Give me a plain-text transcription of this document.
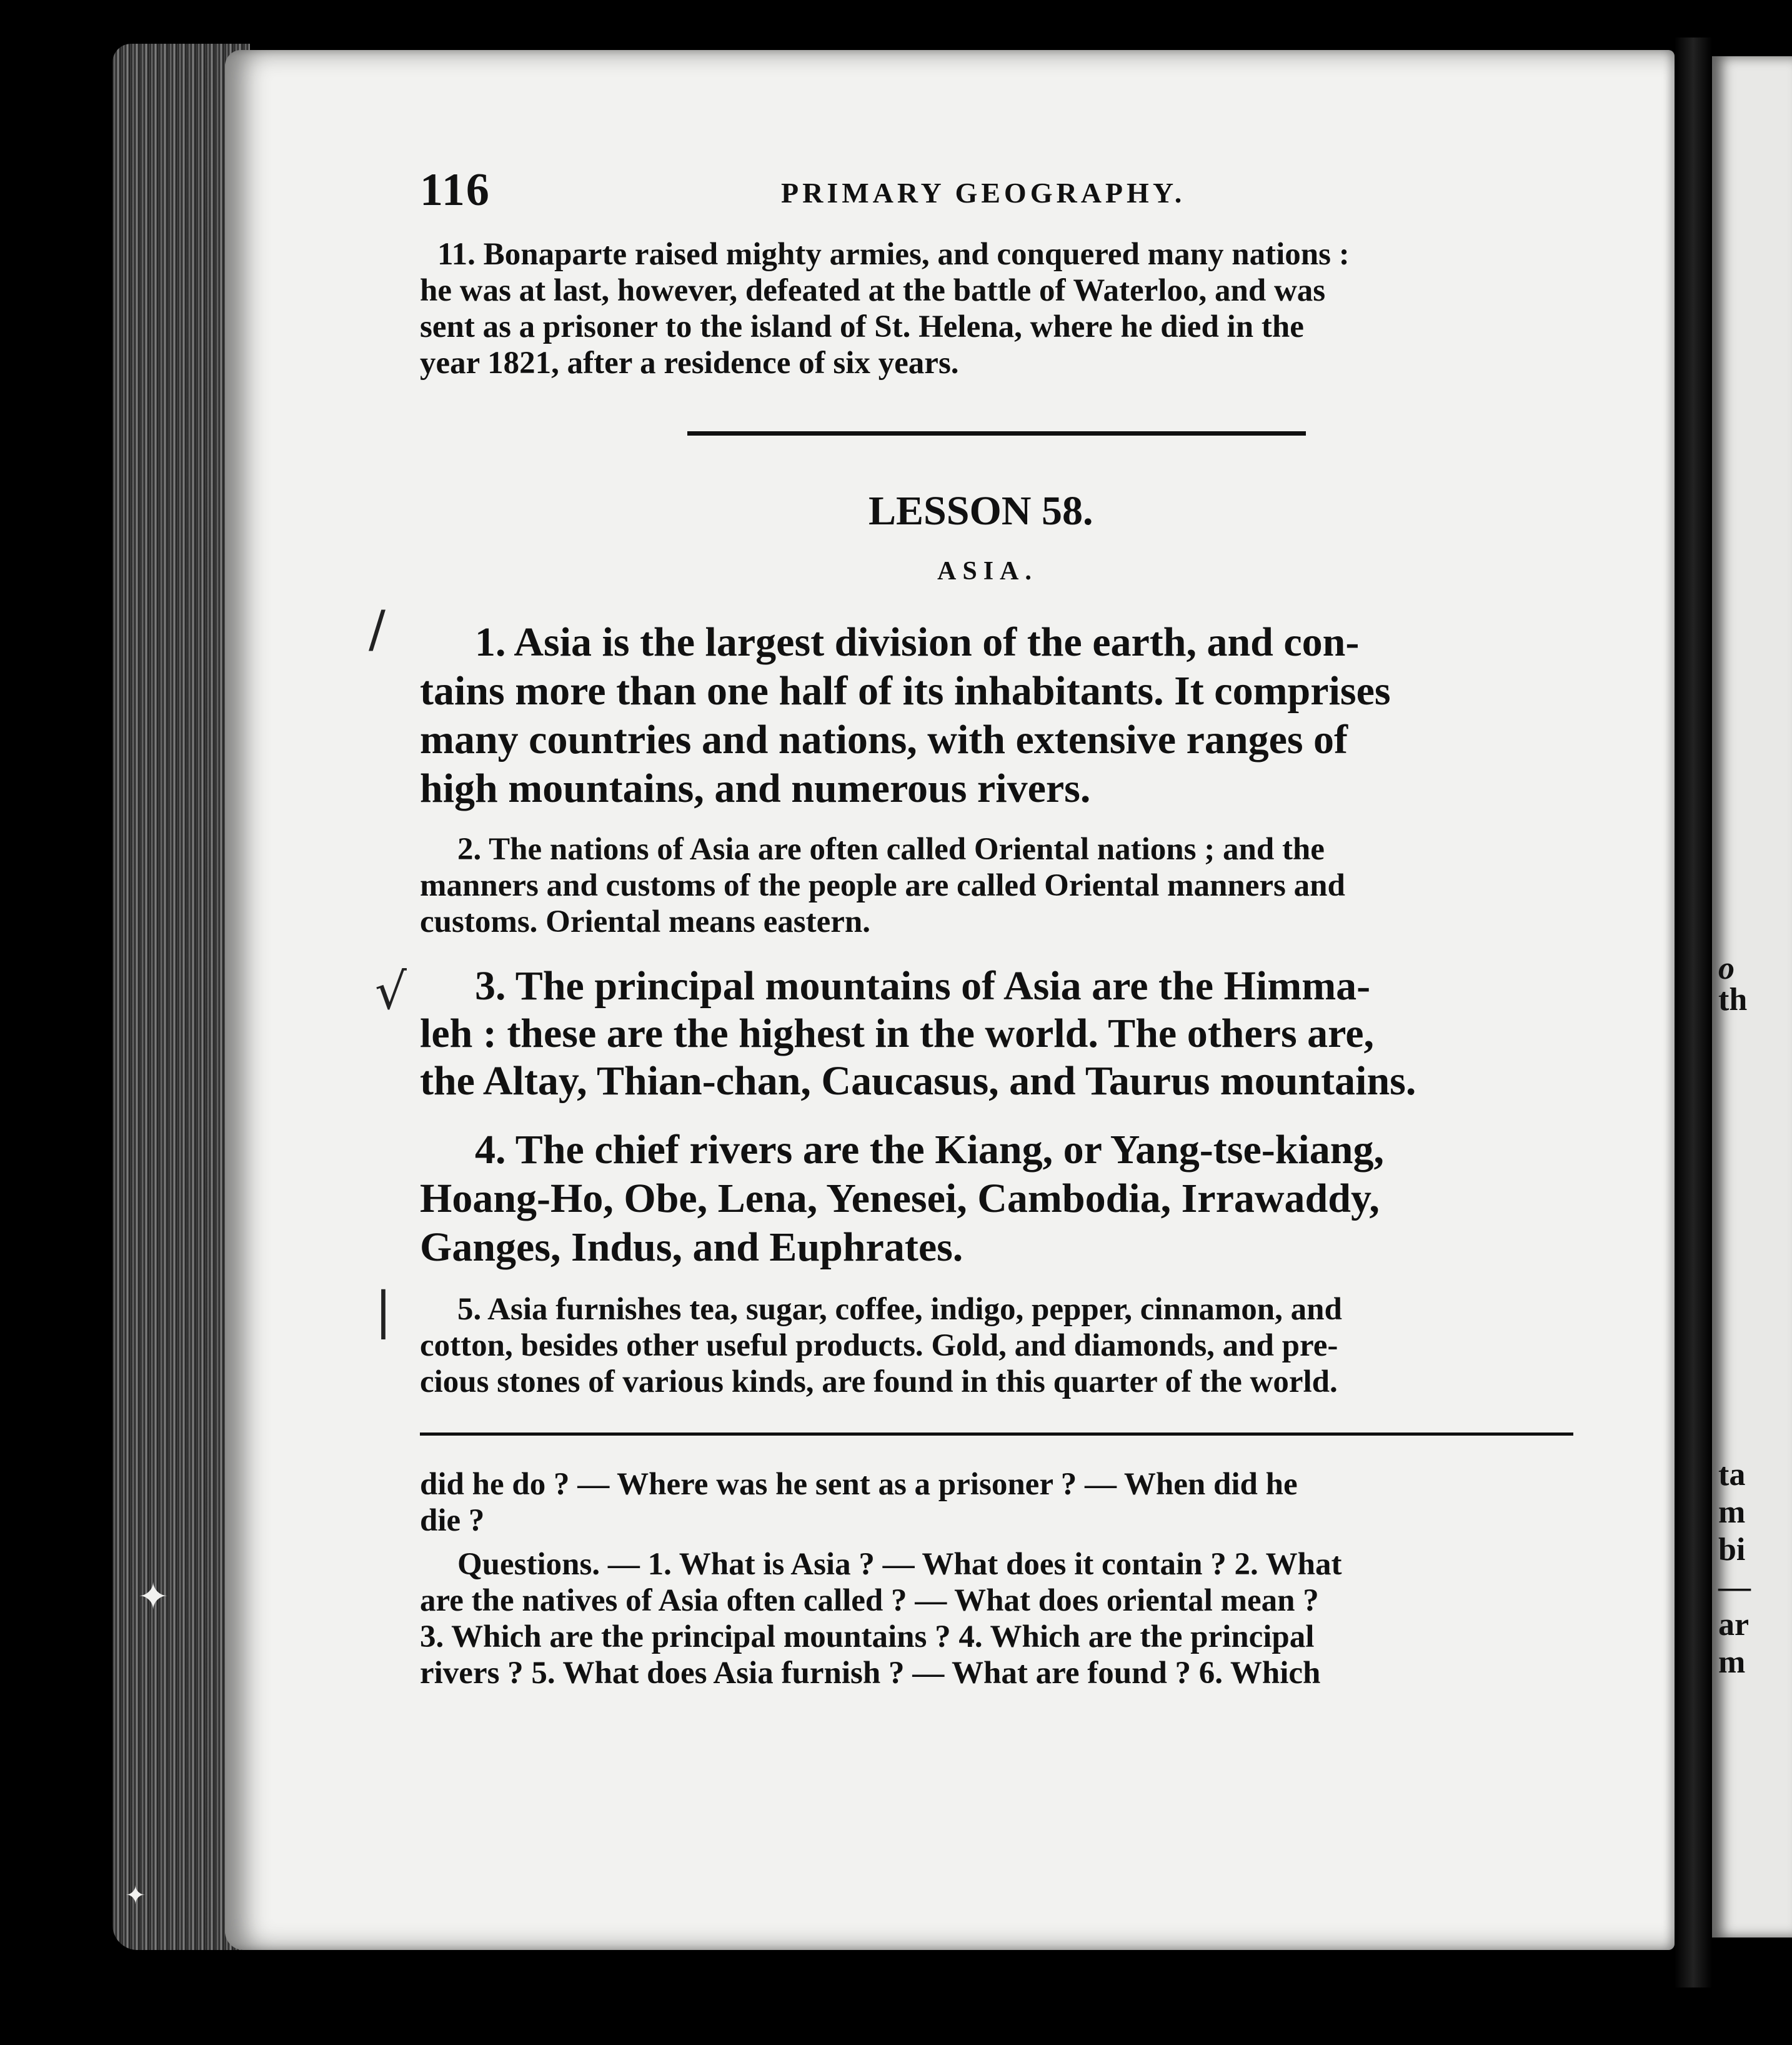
o
th
ta
m
bi
—
ar
m
✦
✦
116	PRIMARY GEOGRAPHY.
11. Bonaparte raised mighty armies, and conquered many nations :
he was at last, however, defeated at the battle of Waterloo, and was
sent as a prisoner to the island of St. Helena, where he died in the
year 1821, after a residence of six years.
LESSON 58.
ASIA.
/
√
|
1. Asia is the largest division of the earth, and con-
tains more than one half of its inhabitants. It comprises
many countries and nations, with extensive ranges of
high mountains, and numerous rivers.
2. The nations of Asia are often called Oriental nations ; and the
manners and customs of the people are called Oriental manners and
customs. Oriental means eastern.
3. The principal mountains of Asia are the Himma-
leh : these are the highest in the world. The others are,
the Altay, Thian-chan, Caucasus, and Taurus mountains.
4. The chief rivers are the Kiang, or Yang-tse-kiang,
Hoang-Ho, Obe, Lena, Yenesei, Cambodia, Irrawaddy,
Ganges, Indus, and Euphrates.
5. Asia furnishes tea, sugar, coffee, indigo, pepper, cinnamon, and
cotton, besides other useful products. Gold, and diamonds, and pre-
cious stones of various kinds, are found in this quarter of the world.
did he do ? — Where was he sent as a prisoner ? — When did he
die ?
Questions. — 1. What is Asia ? — What does it contain ? 2. What
are the natives of Asia often called ? — What does oriental mean ?
3. Which are the principal mountains ? 4. Which are the principal
rivers ? 5. What does Asia furnish ? — What are found ? 6. Which
